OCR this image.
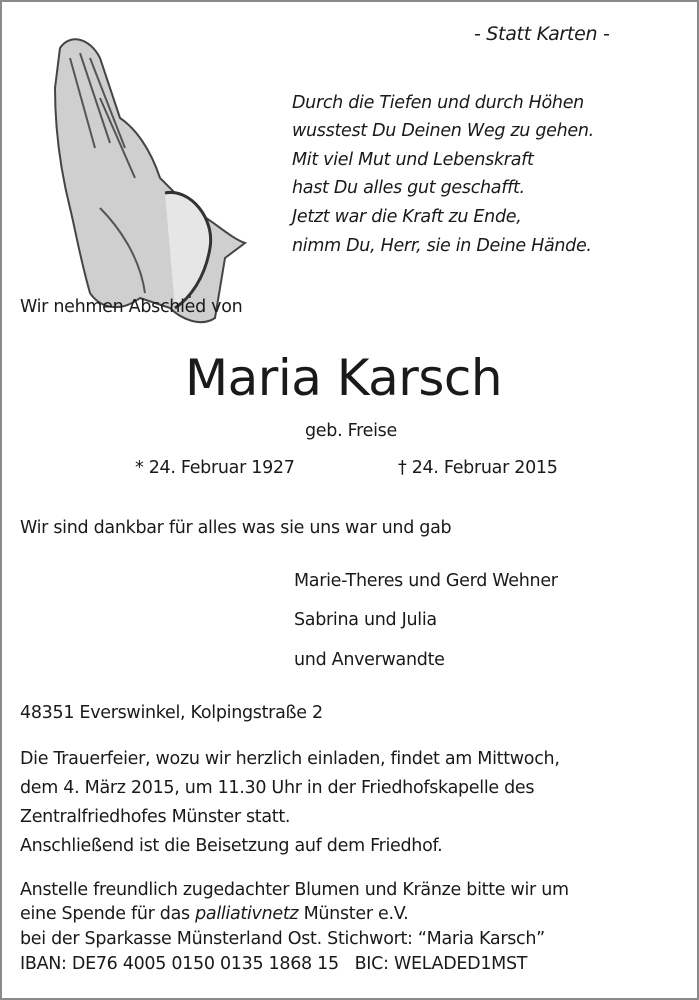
- Statt Karten -
Durch die Tiefen und durch Höhen
wusstest Du Deinen Weg zu gehen.
Mit viel Mut und Lebenskraft
hast Du alles gut geschafft.
Jetzt war die Kraft zu Ende,
nimm Du, Herr, sie in Deine Hände.
Wir nehmen Abschied von
Maria Karsch
geb. Freise
* 24. Februar 1927	† 24. Februar 2015
Wir sind dankbar für alles was sie uns war und gab
Marie-Theres und Gerd Wehner
Sabrina und Julia
und Anverwandte
48351 Everswinkel, Kolpingstraße 2
Die Trauerfeier, wozu wir herzlich einladen, findet am Mittwoch,
dem 4. März 2015, um 11.30 Uhr in der Friedhofskapelle des
Zentralfriedhofes Münster statt.
Anschließend ist die Beisetzung auf dem Friedhof.
Anstelle freundlich zugedachter Blumen und Kränze bitte wir um
eine Spende für das palliativnetz Münster e.V.
bei der Sparkasse Münsterland Ost. Stichwort: “Maria Karsch”
IBAN: DE76 4005 0150 0135 1868 15   BIC: WELADED1MST
